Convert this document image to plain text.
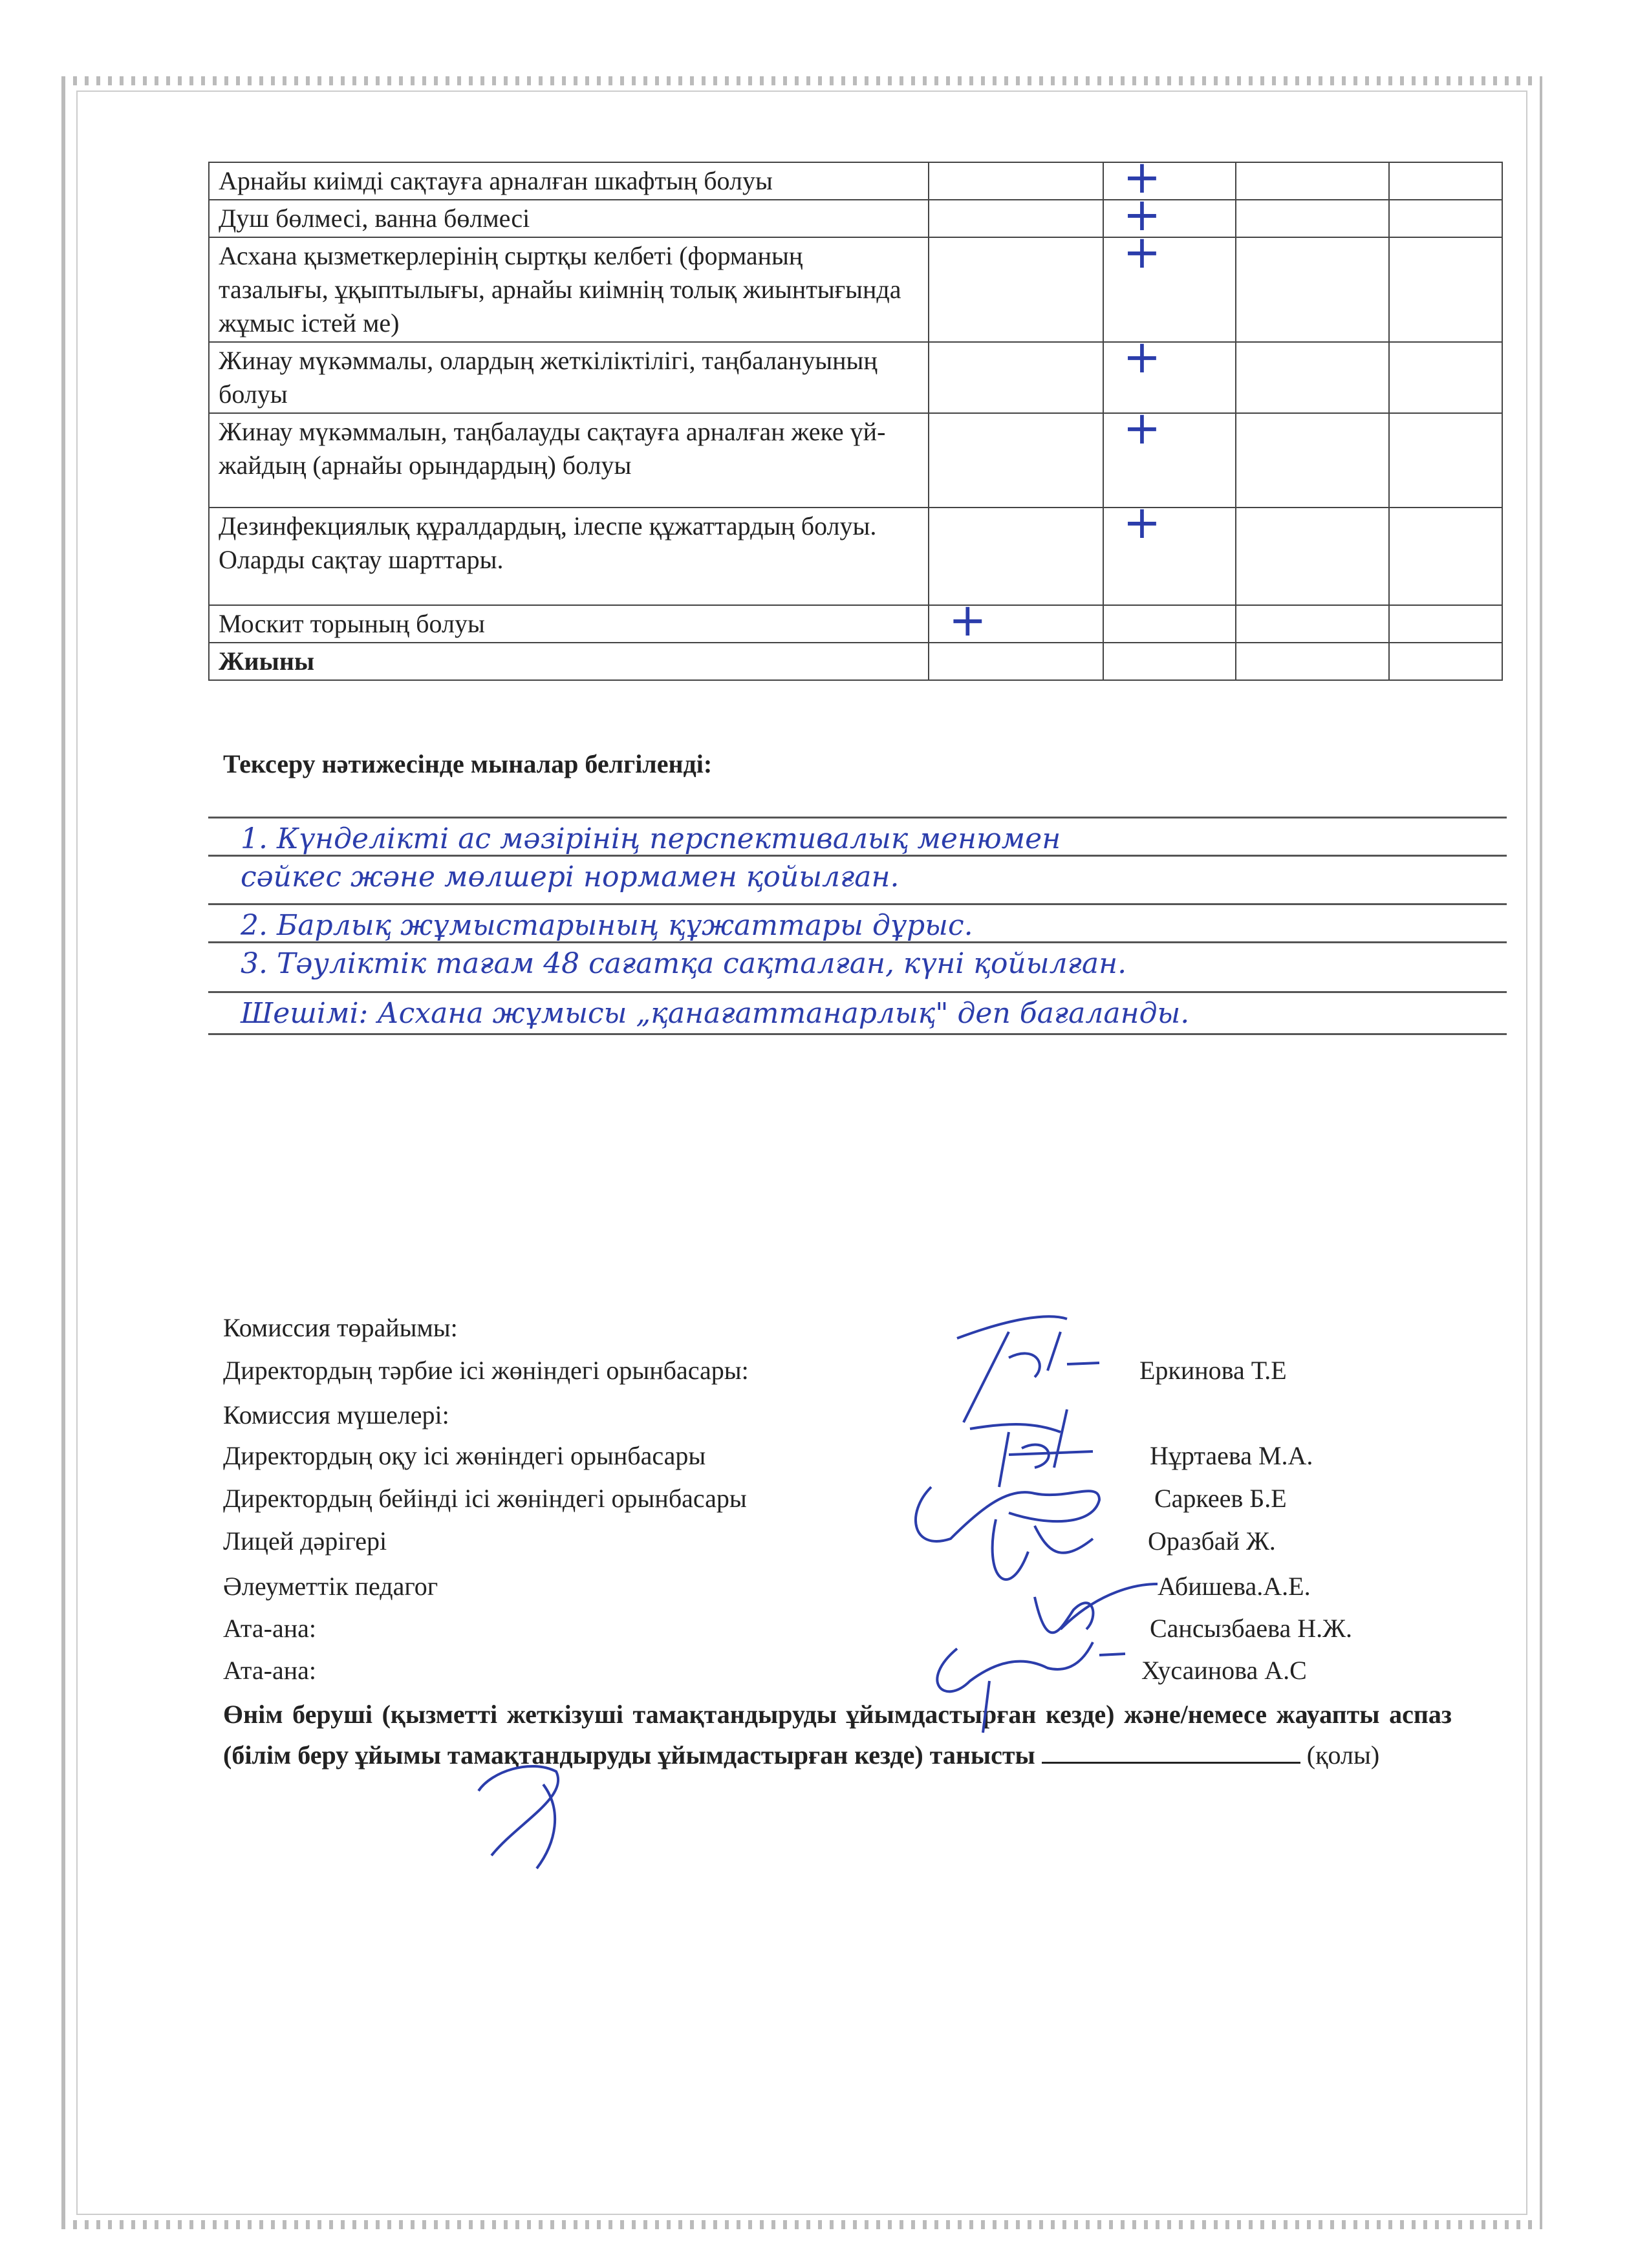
Арнайы киімді сақтауға арналған шкафтың болуы		+		

Душ бөлмесі, ванна бөлмесі		+		

Асхана қызметкерлерінің сыртқы келбеті (форманың тазалығы, ұқыптылығы, арнайы киімнің толық жиынтығында жұмыс істей ме)		+		

Жинау мүкәммалы, олардың жеткіліктілігі, таңбалануының болуы		+		

Жинау мүкәммалын, таңбалауды сақтауға арналған жеке үй-жайдың (арнайы орындардың) болуы		+		

Дезинфекциялық құралдардың, ілеспе құжаттардың болуы. Оларды сақтау шарттары.		+		

Москит торының болуы	+			

Жиыны				
Тексеру нәтижесінде мыналар белгіленді:
1. Күнделікті ас мәзірінің перспективалық менюмен
сәйкес және мөлшері нормамен қойылған.
2. Барлық жұмыстарының құжаттары дұрыс.
3. Тәуліктік тағам 48 сағатқа сақталған, күні қойылған.
Шешімі: Асхана жұмысы „қанағаттанарлық" деп бағаланды.
Комиссия төрайымы:
Директордың тәрбие ісі жөніндегі орынбасары:	Еркинова Т.Е
Комиссия мүшелері:
Директордың оқу ісі жөніндегі орынбасары	Нұртаева М.А.
Директордың бейінді ісі жөніндегі орынбасары	Саркеев Б.Е
Лицей дәрігері	Оразбай Ж.
Әлеуметтік педагог	Абишева.А.Е.
Ата-ана:	Сансызбаева Н.Ж.
Ата-ана:	Хусаинова А.С
Өнім беруші (қызметті жеткізуші тамақтандыруды ұйымдастырған кезде) және/немесе жауапты аспаз (білім беру ұйымы тамақтандыруды ұйымдастырған кезде) танысты	(қолы)
